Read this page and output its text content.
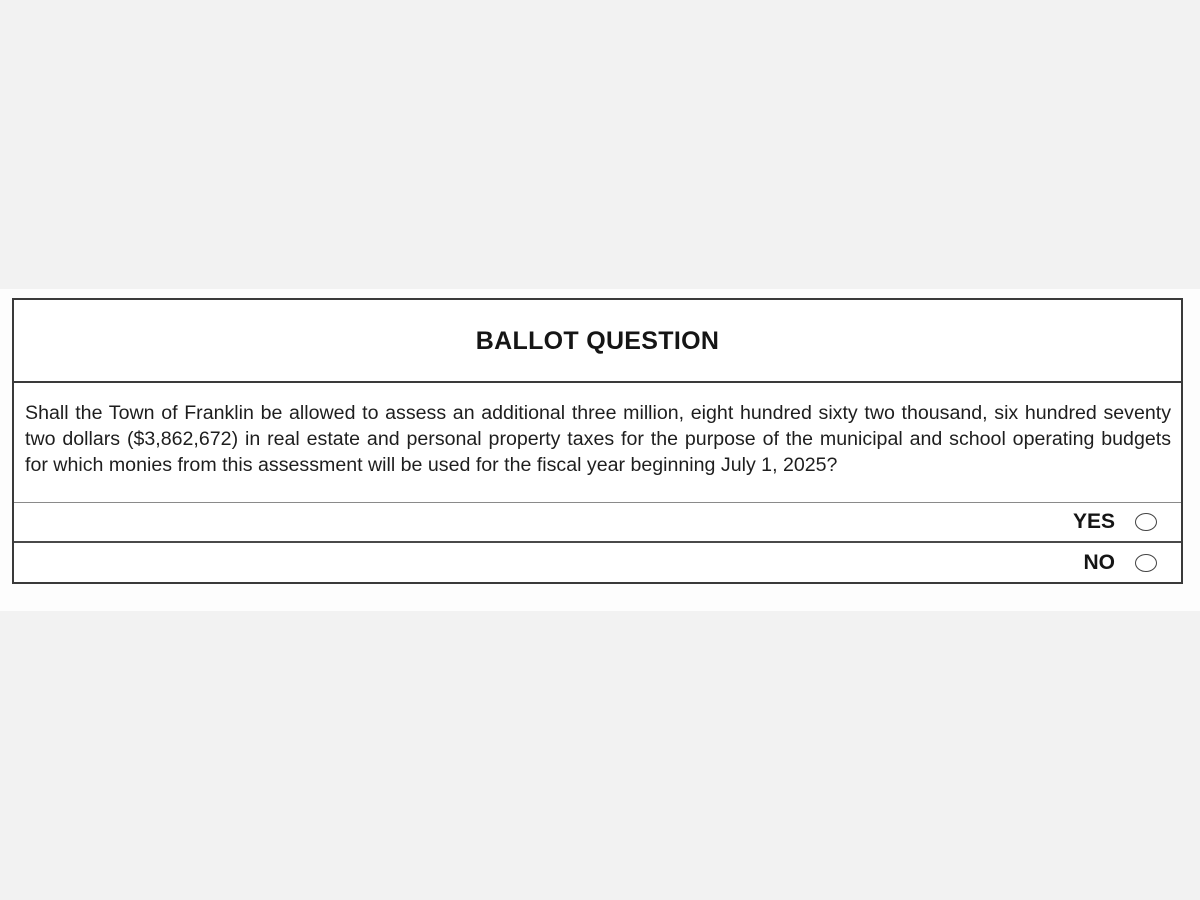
BALLOT QUESTION

Shall the Town of Franklin be allowed to assess an additional three million, eight hundred sixty two thousand, six hundred seventy two dollars ($3,862,672) in real estate and personal property taxes for the purpose of the municipal and school operating budgets for which monies from this assessment will be used for the fiscal year beginning July 1, 2025?

YES
NO
